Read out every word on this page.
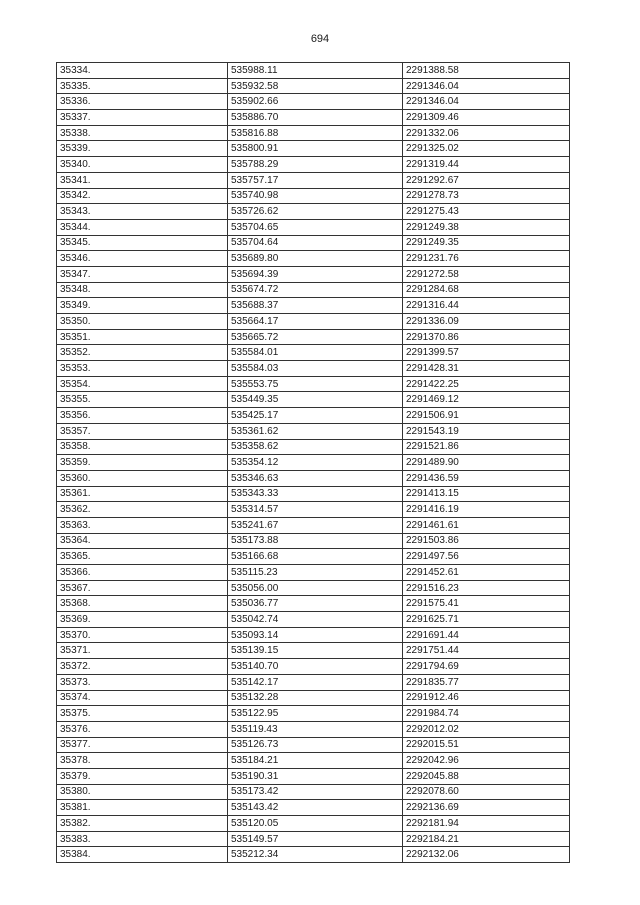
694
35334.	535988.11	2291388.58
35335.	535932.58	2291346.04
35336.	535902.66	2291346.04
35337.	535886.70	2291309.46
35338.	535816.88	2291332.06
35339.	535800.91	2291325.02
35340.	535788.29	2291319.44
35341.	535757.17	2291292.67
35342.	535740.98	2291278.73
35343.	535726.62	2291275.43
35344.	535704.65	2291249.38
35345.	535704.64	2291249.35
35346.	535689.80	2291231.76
35347.	535694.39	2291272.58
35348.	535674.72	2291284.68
35349.	535688.37	2291316.44
35350.	535664.17	2291336.09
35351.	535665.72	2291370.86
35352.	535584.01	2291399.57
35353.	535584.03	2291428.31
35354.	535553.75	2291422.25
35355.	535449.35	2291469.12
35356.	535425.17	2291506.91
35357.	535361.62	2291543.19
35358.	535358.62	2291521.86
35359.	535354.12	2291489.90
35360.	535346.63	2291436.59
35361.	535343.33	2291413.15
35362.	535314.57	2291416.19
35363.	535241.67	2291461.61
35364.	535173.88	2291503.86
35365.	535166.68	2291497.56
35366.	535115.23	2291452.61
35367.	535056.00	2291516.23
35368.	535036.77	2291575.41
35369.	535042.74	2291625.71
35370.	535093.14	2291691.44
35371.	535139.15	2291751.44
35372.	535140.70	2291794.69
35373.	535142.17	2291835.77
35374.	535132.28	2291912.46
35375.	535122.95	2291984.74
35376.	535119.43	2292012.02
35377.	535126.73	2292015.51
35378.	535184.21	2292042.96
35379.	535190.31	2292045.88
35380.	535173.42	2292078.60
35381.	535143.42	2292136.69
35382.	535120.05	2292181.94
35383.	535149.57	2292184.21
35384.	535212.34	2292132.06
